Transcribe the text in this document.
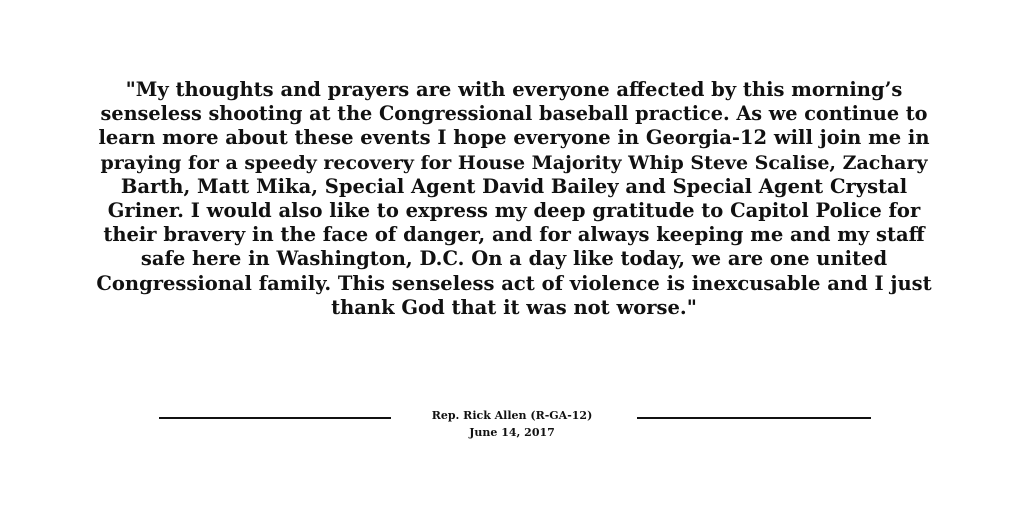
"My thoughts and prayers are with everyone affected by this morning’s
senseless shooting at the Congressional baseball practice. As we continue to
learn more about these events I hope everyone in Georgia-12 will join me in
praying for a speedy recovery for House Majority Whip Steve Scalise, Zachary
Barth, Matt Mika, Special Agent David Bailey and Special Agent Crystal
Griner. I would also like to express my deep gratitude to Capitol Police for
their bravery in the face of danger, and for always keeping me and my staff
safe here in Washington, D.C. On a day like today, we are one united
Congressional family. This senseless act of violence is inexcusable and I just
thank God that it was not worse."
Rep. Rick Allen (R-GA-12)
June 14, 2017
